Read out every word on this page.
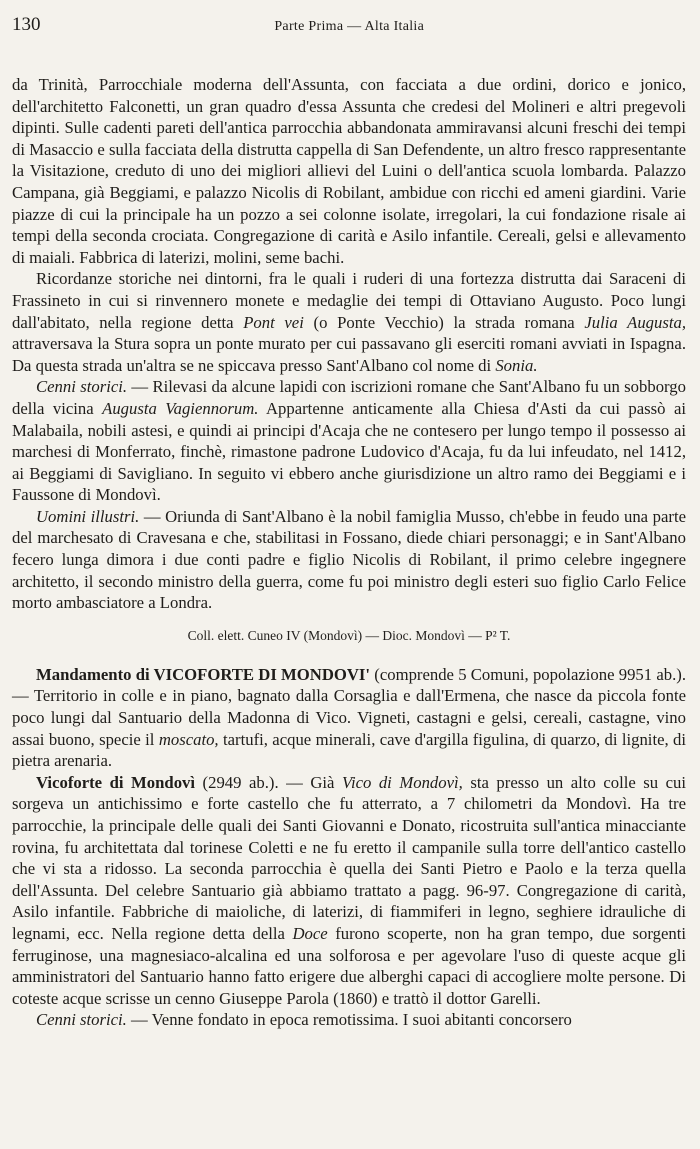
130	Parte Prima — Alta Italia

da Trinità, Parrocchiale moderna dell'Assunta, con facciata a due ordini, dorico e jonico, dell'architetto Falconetti, un gran quadro d'essa Assunta che credesi del Molineri e altri pregevoli dipinti. Sulle cadenti pareti dell'antica parrocchia abbandonata ammiravansi alcuni freschi dei tempi di Masaccio e sulla facciata della distrutta cappella di San Defendente, un altro fresco rappresentante la Visitazione, creduto di uno dei migliori allievi del Luini o dell'antica scuola lombarda. Palazzo Campana, già Beggiami, e palazzo Nicolis di Robilant, ambidue con ricchi ed ameni giardini. Varie piazze di cui la principale ha un pozzo a sei colonne isolate, irregolari, la cui fondazione risale ai tempi della seconda crociata. Congregazione di carità e Asilo infantile. Cereali, gelsi e allevamento di maiali. Fabbrica di laterizi, molini, seme bachi.

Ricordanze storiche nei dintorni, fra le quali i ruderi di una fortezza distrutta dai Saraceni di Frassineto in cui si rinvennero monete e medaglie dei tempi di Ottaviano Augusto. Poco lungi dall'abitato, nella regione detta Pont vei (o Ponte Vecchio) la strada romana Julia Augusta, attraversava la Stura sopra un ponte murato per cui passavano gli eserciti romani avviati in Ispagna. Da questa strada un'altra se ne spiccava presso Sant'Albano col nome di Sonia.

Cenni storici. — Rilevasi da alcune lapidi con iscrizioni romane che Sant'Albano fu un sobborgo della vicina Augusta Vagiennorum. Appartenne anticamente alla Chiesa d'Asti da cui passò ai Malabaila, nobili astesi, e quindi ai principi d'Acaja che ne contesero per lungo tempo il possesso ai marchesi di Monferrato, finchè, rimastone padrone Ludovico d'Acaja, fu da lui infeudato, nel 1412, ai Beggiami di Savigliano. In seguito vi ebbero anche giurisdizione un altro ramo dei Beggiami e i Faussone di Mondovì.

Uomini illustri. — Oriunda di Sant'Albano è la nobil famiglia Musso, ch'ebbe in feudo una parte del marchesato di Cravesana e che, stabilitasi in Fossano, diede chiari personaggi; e in Sant'Albano fecero lunga dimora i due conti padre e figlio Nicolis di Robilant, il primo celebre ingegnere architetto, il secondo ministro della guerra, come fu poi ministro degli esteri suo figlio Carlo Felice morto ambasciatore a Londra.

Coll. elett. Cuneo IV (Mondovì) — Dioc. Mondovì — P² T.

Mandamento di VICOFORTE DI MONDOVI' (comprende 5 Comuni, popolazione 9951 ab.). — Territorio in colle e in piano, bagnato dalla Corsaglia e dall'Ermena, che nasce da piccola fonte poco lungi dal Santuario della Madonna di Vico. Vigneti, castagni e gelsi, cereali, castagne, vino assai buono, specie il moscato, tartufi, acque minerali, cave d'argilla figulina, di quarzo, di lignite, di pietra arenaria.

Vicoforte di Mondovì (2949 ab.). — Già Vico di Mondovì, sta presso un alto colle su cui sorgeva un antichissimo e forte castello che fu atterrato, a 7 chilometri da Mondovì. Ha tre parrocchie, la principale delle quali dei Santi Giovanni e Donato, ricostruita sull'antica minacciante rovina, fu architettata dal torinese Coletti e ne fu eretto il campanile sulla torre dell'antico castello che vi sta a ridosso. La seconda parrocchia è quella dei Santi Pietro e Paolo e la terza quella dell'Assunta. Del celebre Santuario già abbiamo trattato a pagg. 96-97. Congregazione di carità, Asilo infantile. Fabbriche di maioliche, di laterizi, di fiammiferi in legno, seghiere idrauliche di legnami, ecc. Nella regione detta della Doce furono scoperte, non ha gran tempo, due sorgenti ferruginose, una magnesiaco-alcalina ed una solforosa e per agevolare l'uso di queste acque gli amministratori del Santuario hanno fatto erigere due alberghi capaci di accogliere molte persone. Di coteste acque scrisse un cenno Giuseppe Parola (1860) e trattò il dottor Garelli.

Cenni storici. — Venne fondato in epoca remotissima. I suoi abitanti concorsero
